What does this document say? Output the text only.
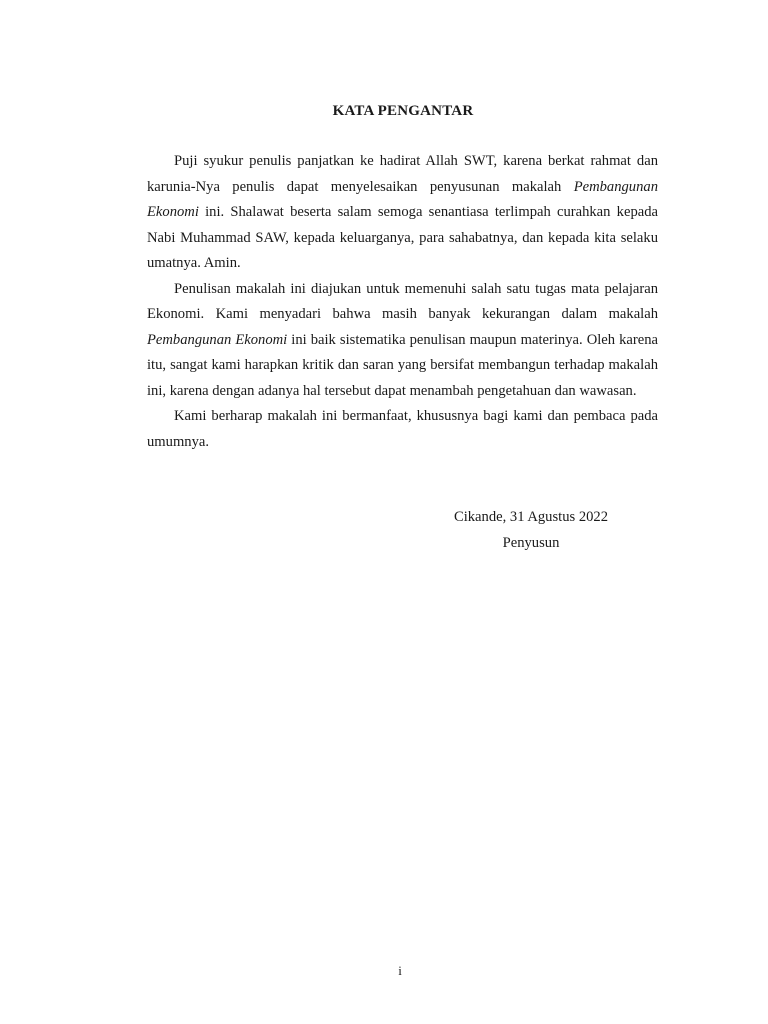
KATA PENGANTAR

Puji syukur penulis panjatkan ke hadirat Allah SWT, karena berkat rahmat dan karunia-Nya penulis dapat menyelesaikan penyusunan makalah Pembangunan Ekonomi ini. Shalawat beserta salam semoga senantiasa terlimpah curahkan kepada Nabi Muhammad SAW, kepada keluarganya, para sahabatnya, dan kepada kita selaku umatnya. Amin.

Penulisan makalah ini diajukan untuk memenuhi salah satu tugas mata pelajaran Ekonomi. Kami menyadari bahwa masih banyak kekurangan dalam makalah Pembangunan Ekonomi ini baik sistematika penulisan maupun materinya. Oleh karena itu, sangat kami harapkan kritik dan saran yang bersifat membangun terhadap makalah ini, karena dengan adanya hal tersebut dapat menambah pengetahuan dan wawasan.

Kami berharap makalah ini bermanfaat, khususnya bagi kami dan pembaca pada umumnya.

Cikande, 31 Agustus 2022
Penyusun
i
